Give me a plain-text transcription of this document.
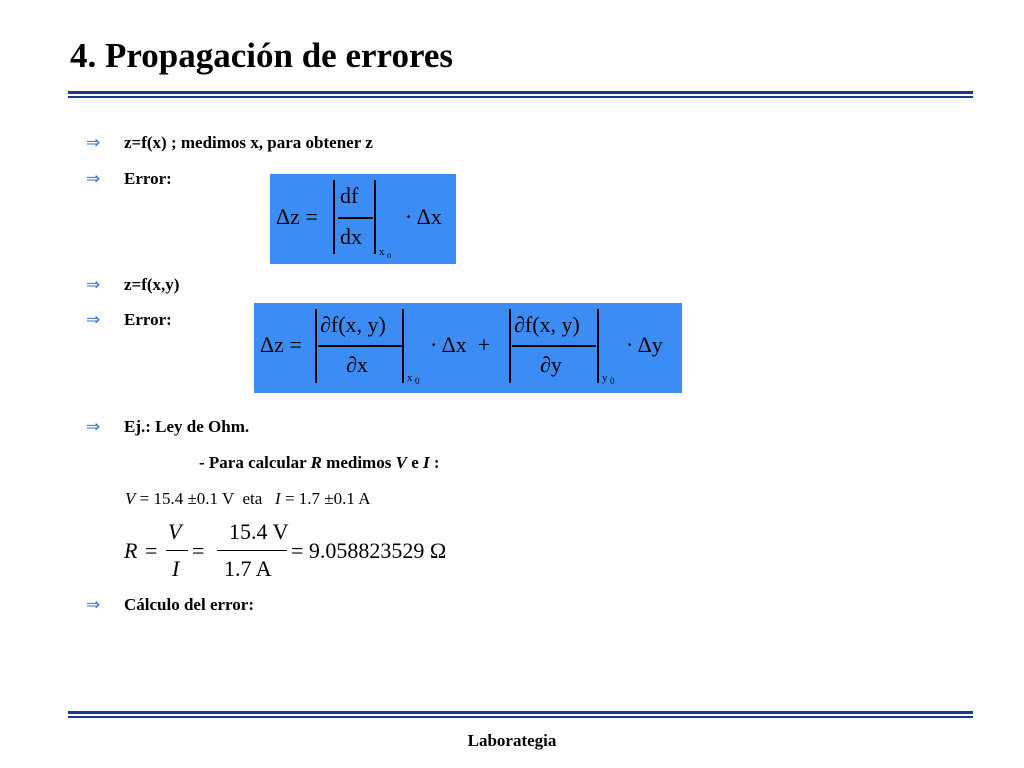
4. Propagación de errores
⇒ z=f(x) ; medimos x, para obtener z
⇒ Error:
Δz =
df
dx
x o
· Δx
⇒ z=f(x,y)
⇒ Error:
Δz =
∂f(x, y)
∂x
x 0
· Δx  +
∂f(x, y)
∂y
y 0
· Δy
⇒ Ej.: Ley de Ohm.
- Para calcular R medimos V e I :
V = 15.4 ±0.1 V  eta   I = 1.7 ±0.1 A
R =
V
I
=
15.4 V
1.7 A
= 9.058823529 Ω
⇒ Cálculo del error:
Laborategia
